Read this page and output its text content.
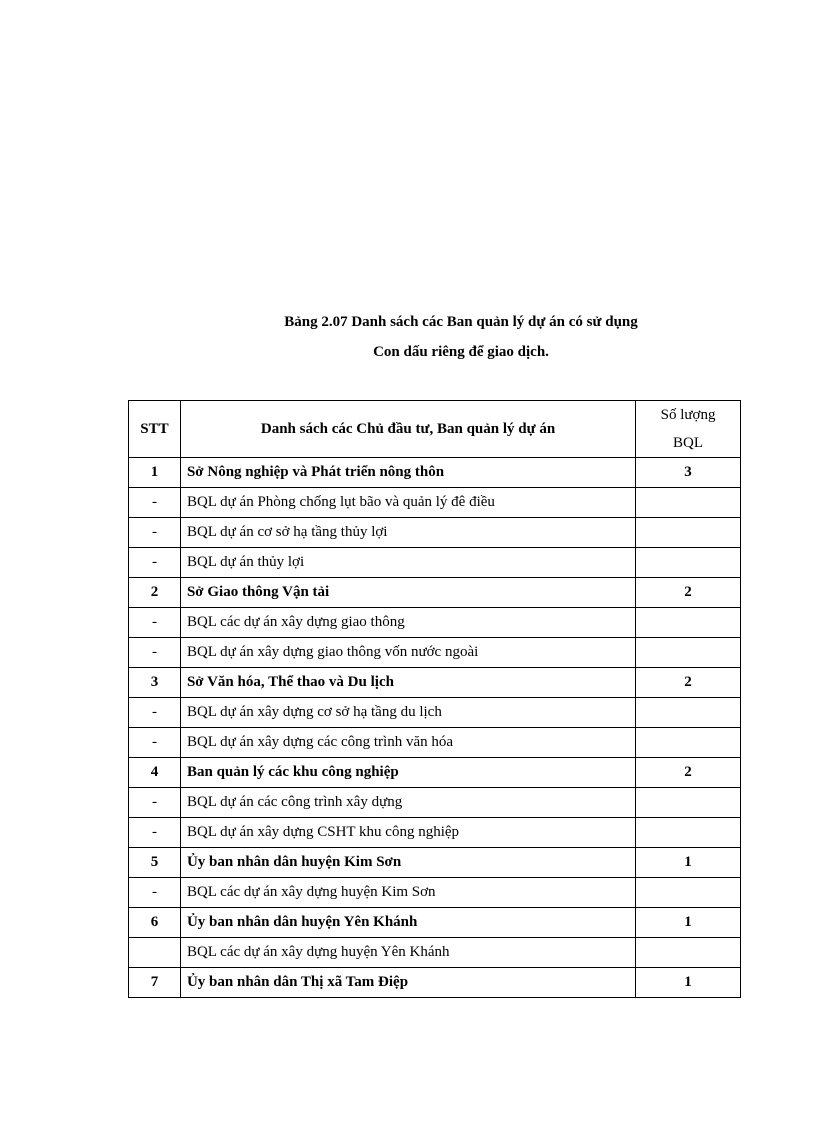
Bảng 2.07 Danh sách các Ban quản lý dự án có sử dụng
Con dấu riêng để giao dịch.
STT	Danh sách các Chủ đầu tư, Ban quản lý dự án	Số lượng
BQL

1	Sở Nông nghiệp và Phát triển nông thôn	3
-	BQL dự án Phòng chống lụt bão và quản lý đê điều	
-	BQL dự án cơ sở hạ tầng thủy lợi	
-	BQL dự án thủy lợi	
2	Sở Giao thông Vận tải	2
-	BQL các dự án xây dựng giao thông	
-	BQL dự án xây dựng giao thông vốn nước ngoài	
3	Sở Văn hóa, Thể thao và Du lịch	2
-	BQL dự án xây dựng cơ sở hạ tầng du lịch	
-	BQL dự án xây dựng các công trình văn hóa	
4	Ban quản lý các khu công nghiệp	2
-	BQL dự án các công trình xây dựng	
-	BQL dự án xây dựng CSHT khu công nghiệp	
5	Ủy ban nhân dân huyện Kim Sơn	1
-	BQL các dự án xây dựng huyện Kim Sơn	
6	Ủy ban nhân dân huyện Yên Khánh	1
	BQL các dự án xây dựng huyện Yên Khánh	
7	Ủy ban nhân dân Thị xã Tam Điệp	1
